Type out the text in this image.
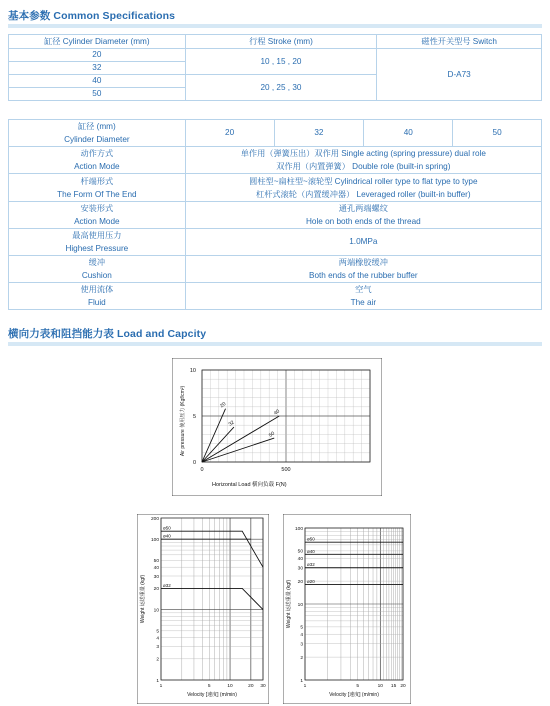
基本参数 Common Specifications
缸径 Cylinder Diameter (mm)	行程 Stroke (mm)	磁性开关型号 Switch
20	10 , 15 , 20	D-A73
32		
40	20 , 25 , 30	
50		
缸径 (mm)
Cylinder Diameter	20	32	40	50
动作方式
Action Mode	单作用（弹簧压出）双作用 Single acting (spring pressure) dual role
双作用（内置弹簧） Double role (built-in spring)			
杆端形式
The Form Of The End	圆柱型~扁柱型~滚轮型 Cylindrical roller type to flat type to type
杠杆式滚轮（内置缓冲器） Leveraged roller (built-in buffer)			
安装形式
Action Mode	通孔两端螺纹
Hole on both ends of the thread			
最高使用压力
Highest Pressure	1.0MPa			
缓冲
Cushion	两端橡胶缓冲
Both ends of the rubber buffer			
使用流体
Fluid	空气
The air			
横向力表和阻挡能力表 Load and Capcity
20
32
40
50
0
5
10
0	500
Horizontal Load 横向负载 F(N)
Air pressure 使用压力 (Kgf/cm²)
ø50
ø40
ø32
200
100
50
40
30
20
10
5
4
3
2
1
1	5	10	20 30
Velocity [速度] (m/min)
Weight 运送重量 (kgf)
ø50
ø40
ø32
ø20
100
50
40
30
20
10
5
4
3
2
1
1	5	10 15 20
Velocity [速度] (m/min)
Weight 运送重量 (kgf)
